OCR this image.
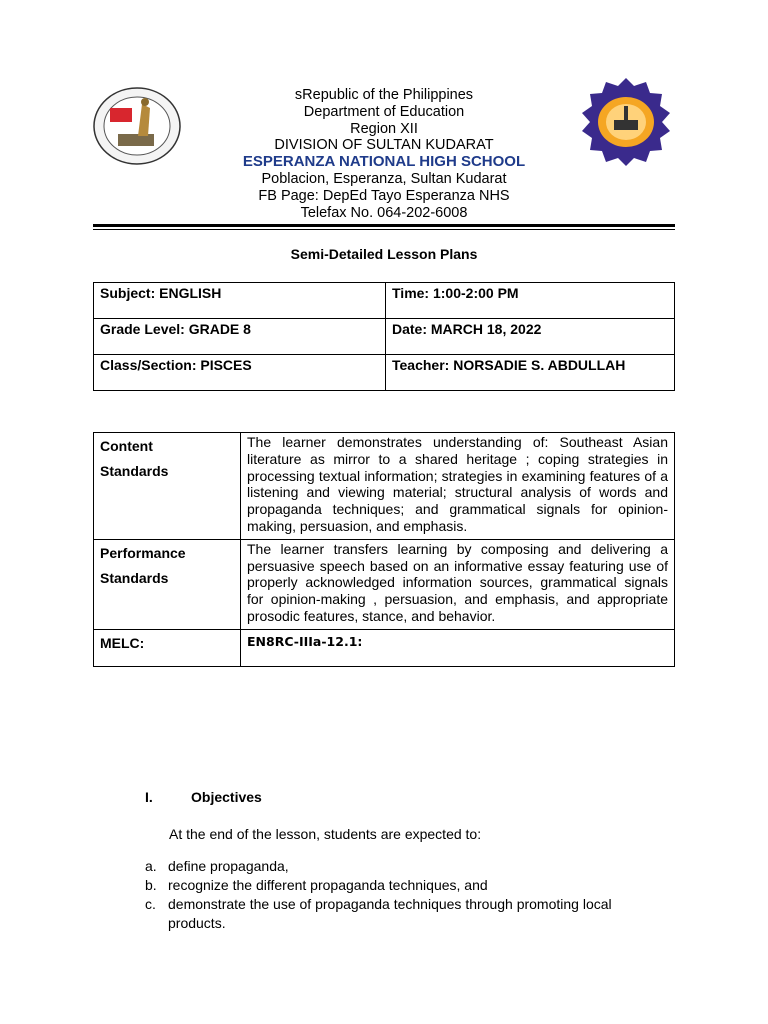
sRepublic of the Philippines
Department of Education
Region XII
DIVISION OF SULTAN KUDARAT
ESPERANZA NATIONAL HIGH SCHOOL
Poblacion, Esperanza, Sultan Kudarat
FB Page: DepEd Tayo Esperanza NHS
Telefax No. 064-202-6008
Semi-Detailed Lesson Plans
Subject: ENGLISH	Time: 1:00-2:00 PM
Grade Level: GRADE 8	Date: MARCH 18, 2022
Class/Section: PISCES	Teacher: NORSADIE S. ABDULLAH
Content
Standards	The learner demonstrates understanding of: Southeast Asian literature as mirror to a shared heritage ; coping strategies in processing textual information; strategies in examining features of a listening and viewing material; structural analysis of words and propaganda techniques; and grammatical signals for opinion- making, persuasion, and emphasis.

Performance
Standards	The learner transfers learning by composing and delivering a persuasive speech based on an informative essay featuring use of properly acknowledged information sources, grammatical signals for opinion-making , persuasion, and emphasis, and appropriate prosodic features, stance, and behavior.
MELC:	EN8RC-IIIa-12.1:
I.	Objectives
At the end of the lesson, students are expected to:
a. define propaganda,
b. recognize the different propaganda techniques, and
c. demonstrate the use of propaganda techniques through promoting local products.
